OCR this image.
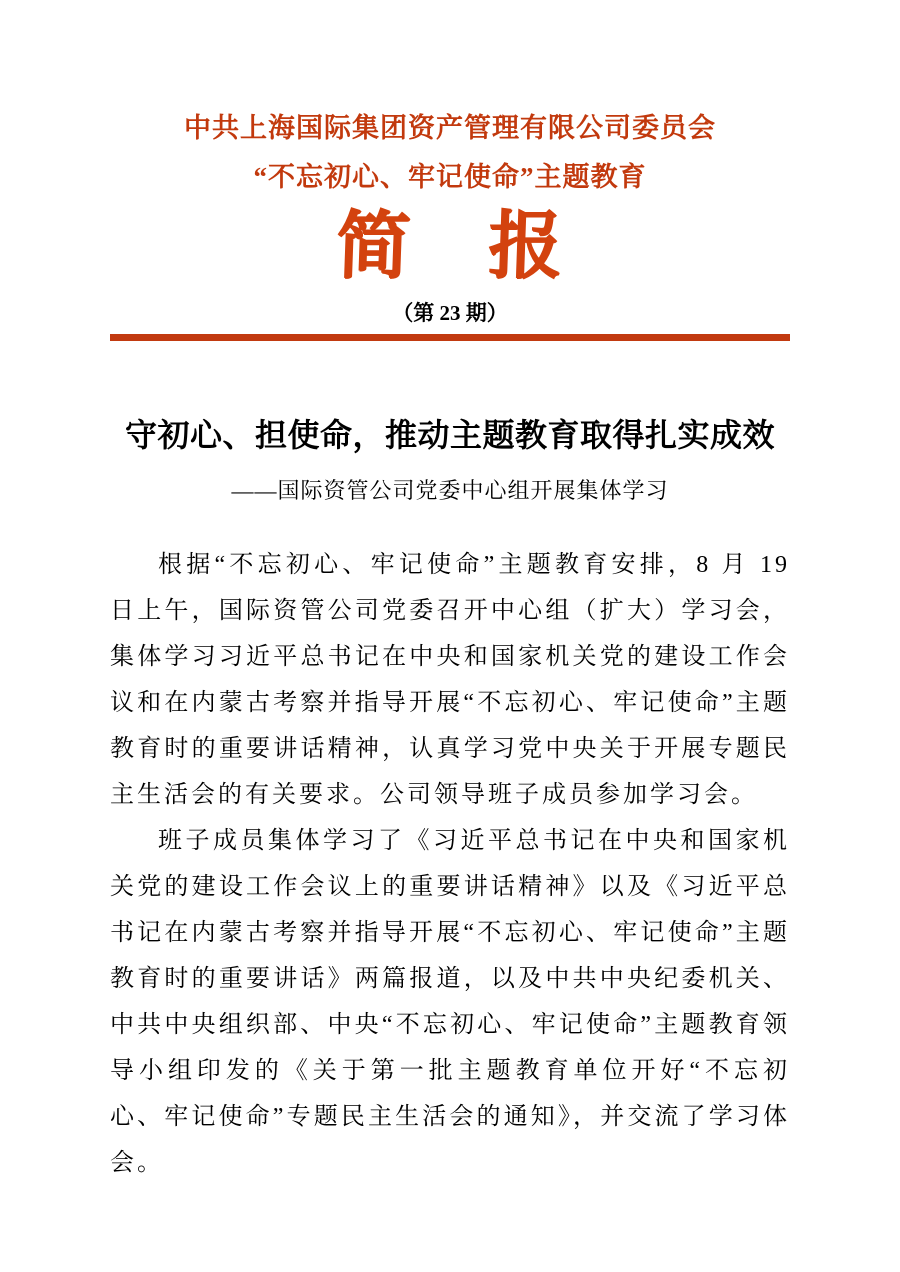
中共上海国际集团资产管理有限公司委员会
“不忘初心、牢记使命”主题教育
简　报
（第 23 期）
守初心、担使命，推动主题教育取得扎实成效
——国际资管公司党委中心组开展集体学习

根据“不忘初心、牢记使命”主题教育安排，8 月 19 日上午，国际资管公司党委召开中心组（扩大）学习会，集体学习习近平总书记在中央和国家机关党的建设工作会议和在内蒙古考察并指导开展“不忘初心、牢记使命”主题教育时的重要讲话精神，认真学习党中央关于开展专题民主生活会的有关要求。公司领导班子成员参加学习会。

班子成员集体学习了《习近平总书记在中央和国家机关党的建设工作会议上的重要讲话精神》以及《习近平总书记在内蒙古考察并指导开展“不忘初心、牢记使命”主题教育时的重要讲话》两篇报道，以及中共中央纪委机关、中共中央组织部、中央“不忘初心、牢记使命”主题教育领导小组印发的《关于第一批主题教育单位开好“不忘初心、牢记使命”专题民主生活会的通知》，并交流了学习体会。
